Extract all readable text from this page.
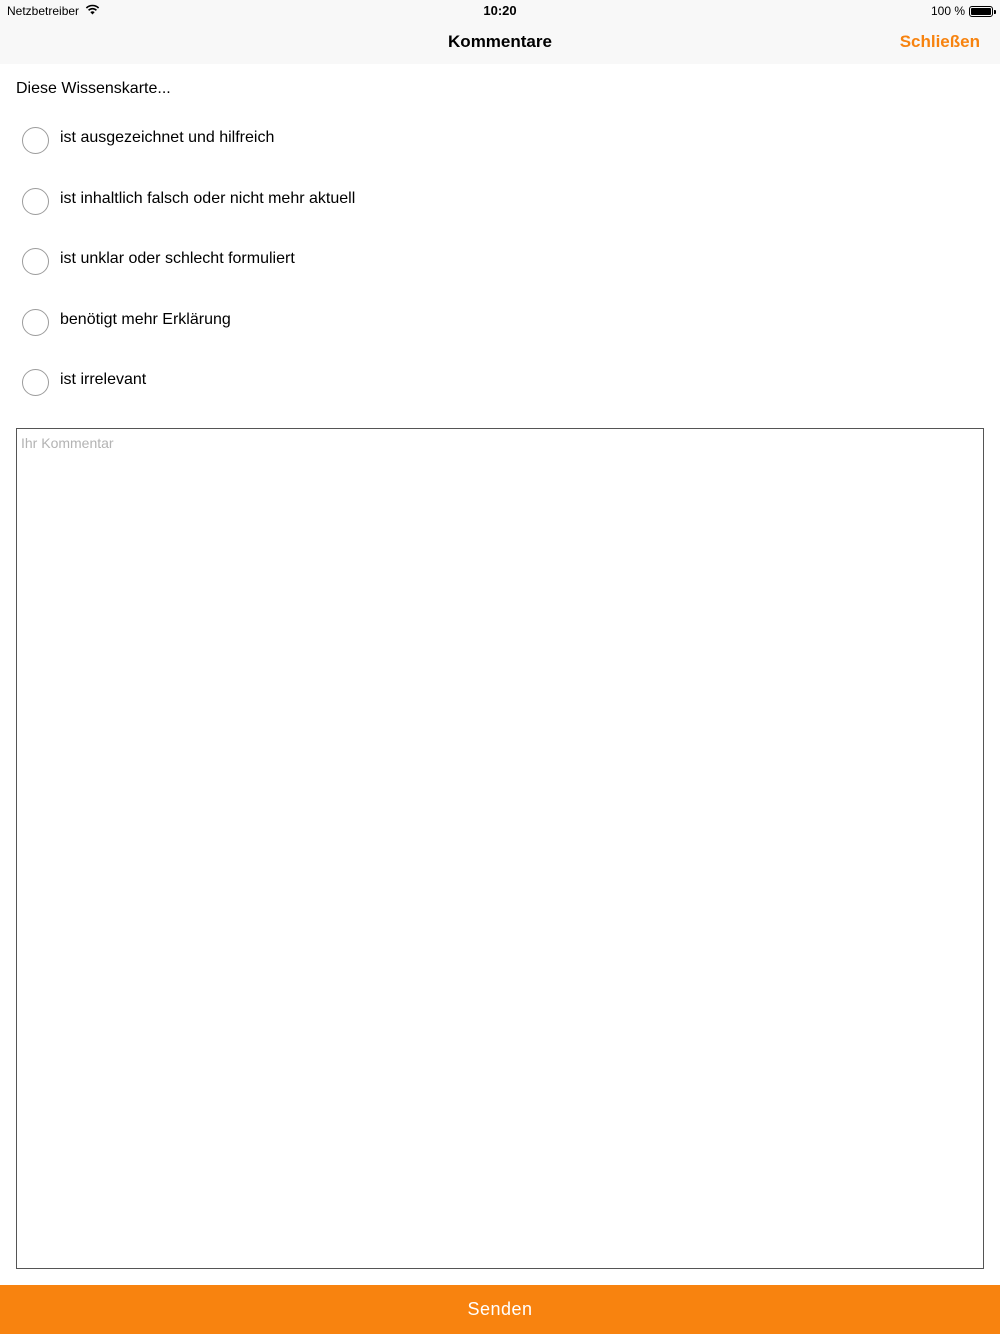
Netzbetreiber	10:20	100 %
Kommentare	Schließen
Diese Wissenskarte...
ist ausgezeichnet und hilfreich
ist inhaltlich falsch oder nicht mehr aktuell
ist unklar oder schlecht formuliert
benötigt mehr Erklärung
ist irrelevant
Ihr Kommentar
Senden
